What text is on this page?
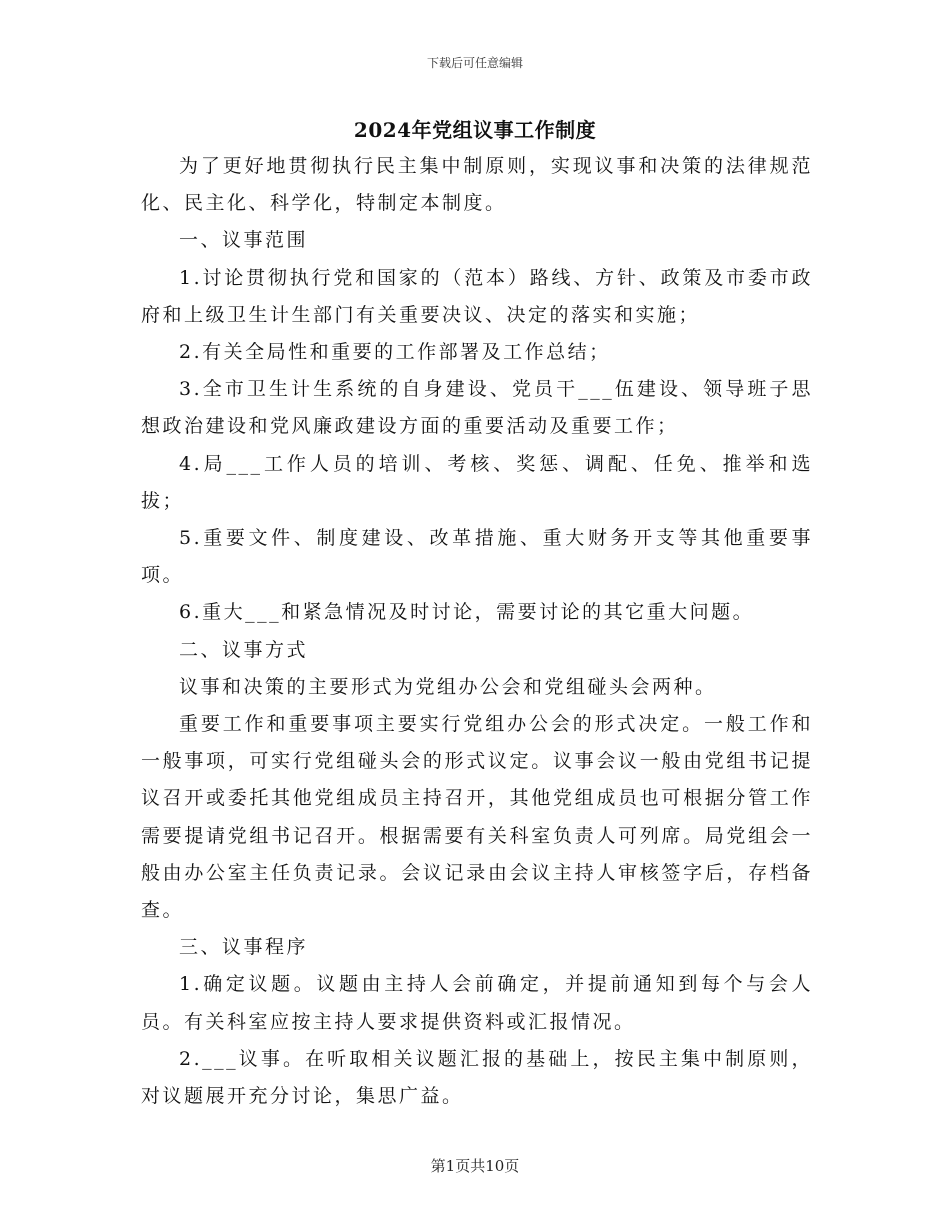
下载后可任意编辑
2024年党组议事工作制度

为了更好地贯彻执行民主集中制原则，实现议事和决策的法律规范化、民主化、科学化，特制定本制度。

一、议事范围

1.讨论贯彻执行党和国家的（范本）路线、方针、政策及市委市政府和上级卫生计生部门有关重要决议、决定的落实和实施；

2.有关全局性和重要的工作部署及工作总结；

3.全市卫生计生系统的自身建设、党员干___伍建设、领导班子思想政治建设和党风廉政建设方面的重要活动及重要工作；

4.局___工作人员的培训、考核、奖惩、调配、任免、推举和选拔；

5.重要文件、制度建设、改革措施、重大财务开支等其他重要事项。

6.重大___和紧急情况及时讨论，需要讨论的其它重大问题。

二、议事方式

议事和决策的主要形式为党组办公会和党组碰头会两种。

重要工作和重要事项主要实行党组办公会的形式决定。一般工作和一般事项，可实行党组碰头会的形式议定。议事会议一般由党组书记提议召开或委托其他党组成员主持召开，其他党组成员也可根据分管工作需要提请党组书记召开。根据需要有关科室负责人可列席。局党组会一般由办公室主任负责记录。会议记录由会议主持人审核签字后，存档备查。

三、议事程序

1.确定议题。议题由主持人会前确定，并提前通知到每个与会人员。有关科室应按主持人要求提供资料或汇报情况。

2.___议事。在听取相关议题汇报的基础上，按民主集中制原则，对议题展开充分讨论，集思广益。

第1页共10页
